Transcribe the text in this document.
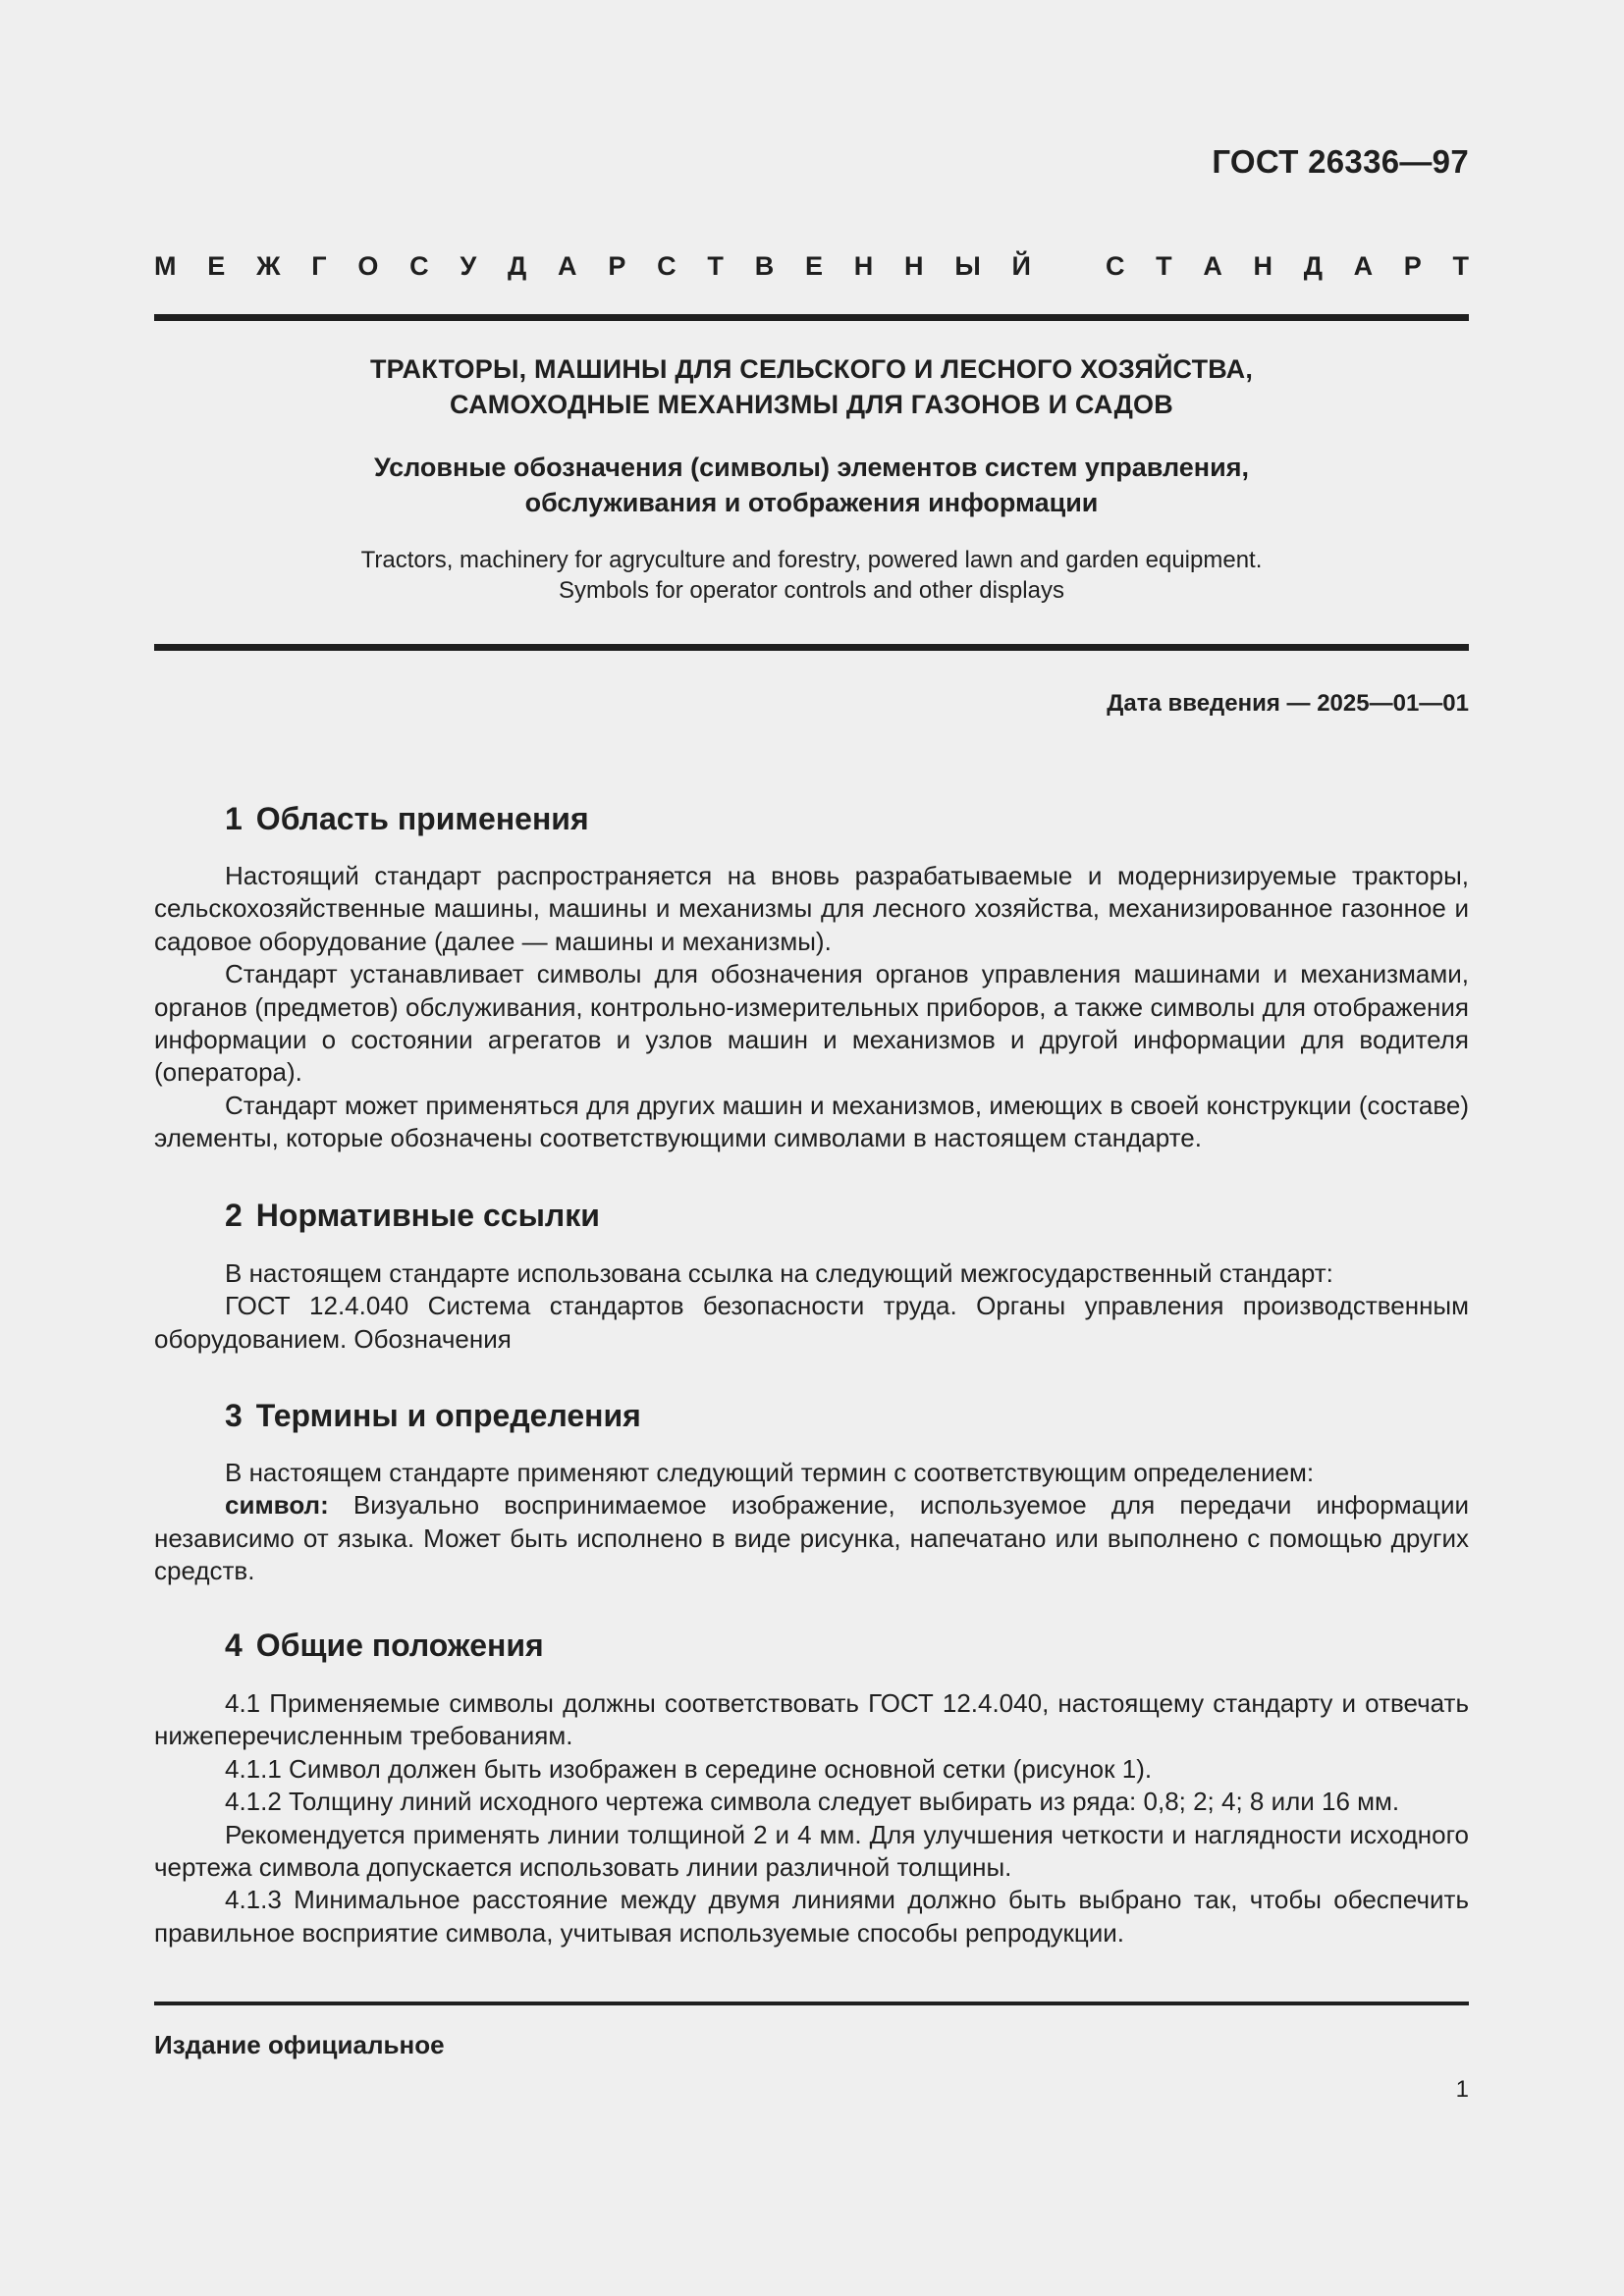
ГОСТ 26336—97
М Е Ж Г О С У Д А Р С Т В Е Н Н Ы Й	С Т А Н Д А Р Т
ТРАКТОРЫ, МАШИНЫ ДЛЯ СЕЛЬСКОГО И ЛЕСНОГО ХОЗЯЙСТВА,
САМОХОДНЫЕ МЕХАНИЗМЫ ДЛЯ ГАЗОНОВ И САДОВ
Условные обозначения (символы) элементов систем управления,
обслуживания и отображения информации
Tractors, machinery for agryculture and forestry, powered lawn and garden equipment.
Symbols for operator controls and other displays
Дата введения — 2025—01—01
1 Область применения

Настоящий стандарт распространяется на вновь разрабатываемые и модернизируемые тракторы, сельскохозяйственные машины, машины и механизмы для лесного хозяйства, механизированное газонное и садовое оборудование (далее — машины и механизмы).

Стандарт устанавливает символы для обозначения органов управления машинами и механизмами, органов (предметов) обслуживания, контрольно-измерительных приборов, а также символы для отображения информации о состоянии агрегатов и узлов машин и механизмов и другой информации для водителя (оператора).

Стандарт может применяться для других машин и механизмов, имеющих в своей конструкции (составе) элементы, которые обозначены соответствующими символами в настоящем стандарте.

2 Нормативные ссылки

В настоящем стандарте использована ссылка на следующий межгосударственный стандарт:

ГОСТ 12.4.040 Система стандартов безопасности труда. Органы управления производственным оборудованием. Обозначения

3 Термины и определения

В настоящем стандарте применяют следующий термин с соответствующим определением:

символ: Визуально воспринимаемое изображение, используемое для передачи информации независимо от языка. Может быть исполнено в виде рисунка, напечатано или выполнено с помощью других средств.

4 Общие положения

4.1 Применяемые символы должны соответствовать ГОСТ 12.4.040, настоящему стандарту и отвечать нижеперечисленным требованиям.

4.1.1 Символ должен быть изображен в середине основной сетки (рисунок 1).

4.1.2 Толщину линий исходного чертежа символа следует выбирать из ряда: 0,8; 2; 4; 8 или 16 мм.

Рекомендуется применять линии толщиной 2 и 4 мм. Для улучшения четкости и наглядности исходного чертежа символа допускается использовать линии различной толщины.

4.1.3 Минимальное расстояние между двумя линиями должно быть выбрано так, чтобы обеспечить правильное восприятие символа, учитывая используемые способы репродукции.

Издание официальное
1
